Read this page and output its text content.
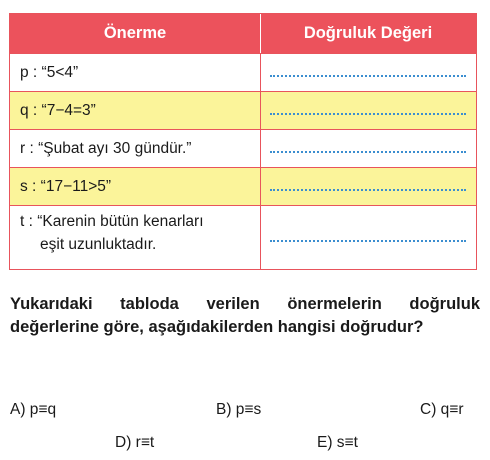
Önerme	Doğruluk Değeri
p : “5<4”
q : “7−4=3”
r : “Şubat ayı 30 gündür.”
s : “17−11>5”
t : “Karenin bütün kenarları
eşit uzunluktadır.
Yukarıdaki tabloda verilen önermelerin doğruluk değerlerine göre, aşağıdakilerden hangisi doğrudur?
A) p≡q	B) p≡s	C) q≡r
D) r≡t	E) s≡t
